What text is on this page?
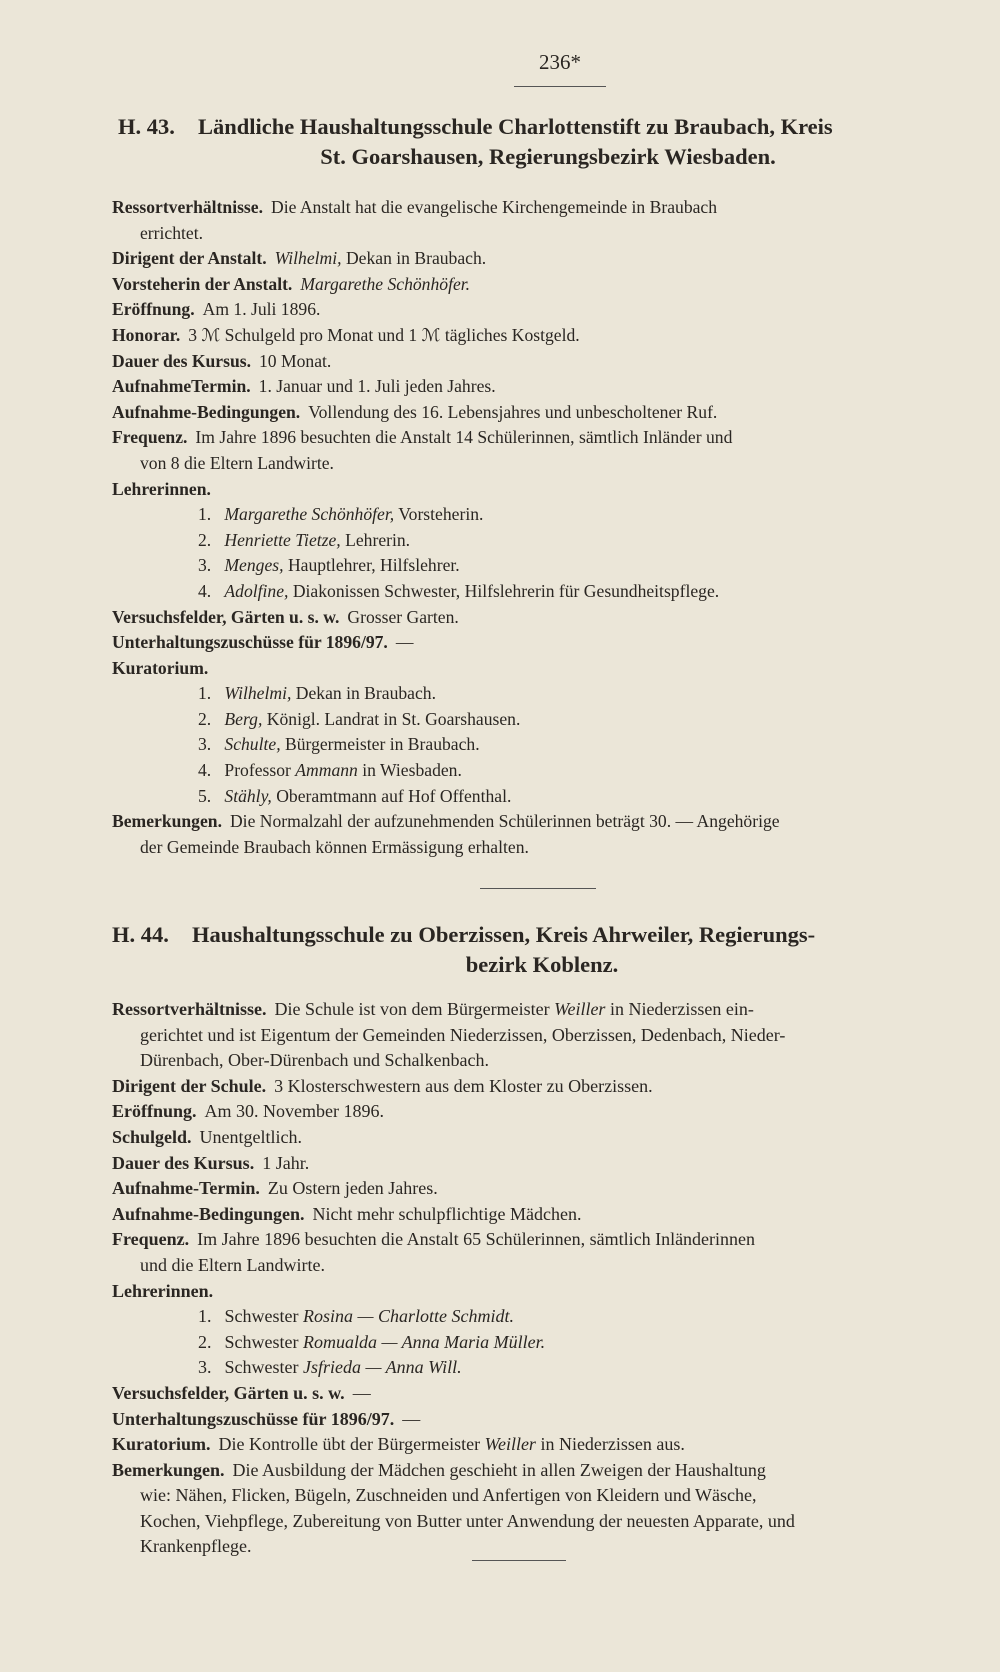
236*
H. 43. Ländliche Haushaltungsschule Charlottenstift zu Braubach, Kreis

St. Goarshausen, Regierungsbezirk Wiesbaden.

Ressortverhältnisse. Die Anstalt hat die evangelische Kirchengemeinde in Braubach
errichtet.

Dirigent der Anstalt. Wilhelmi, Dekan in Braubach.

Vorsteherin der Anstalt. Margarethe Schönhöfer.

Eröffnung. Am 1. Juli 1896.

Honorar. 3 ℳ Schulgeld pro Monat und 1 ℳ tägliches Kostgeld.

Dauer des Kursus. 10 Monat.

AufnahmeTermin. 1. Januar und 1. Juli jeden Jahres.

Aufnahme-Bedingungen. Vollendung des 16. Lebensjahres und unbescholtener Ruf.

Frequenz. Im Jahre 1896 besuchten die Anstalt 14 Schülerinnen, sämtlich Inländer und
von 8 die Eltern Landwirte.

Lehrerinnen.

1. Margarethe Schönhöfer, Vorsteherin.
2. Henriette Tietze, Lehrerin.
3. Menges, Hauptlehrer, Hilfslehrer.
4. Adolfine, Diakonissen Schwester, Hilfslehrerin für Gesundheitspflege.

Versuchsfelder, Gärten u. s. w. Grosser Garten.

Unterhaltungszuschüsse für 1896/97. —

Kuratorium.

1. Wilhelmi, Dekan in Braubach.
2. Berg, Königl. Landrat in St. Goarshausen.
3. Schulte, Bürgermeister in Braubach.
4. Professor Ammann in Wiesbaden.
5. Stähly, Oberamtmann auf Hof Offenthal.

Bemerkungen. Die Normalzahl der aufzunehmenden Schülerinnen beträgt 30. — Angehörige
der Gemeinde Braubach können Ermässigung erhalten.

H. 44. Haushaltungsschule zu Oberzissen, Kreis Ahrweiler, Regierungs-

bezirk Koblenz.

Ressortverhältnisse. Die Schule ist von dem Bürgermeister Weiller in Niederzissen ein-
gerichtet und ist Eigentum der Gemeinden Niederzissen, Oberzissen, Dedenbach, Nieder-
Dürenbach, Ober-Dürenbach und Schalkenbach.

Dirigent der Schule. 3 Klosterschwestern aus dem Kloster zu Oberzissen.

Eröffnung. Am 30. November 1896.

Schulgeld. Unentgeltlich.

Dauer des Kursus. 1 Jahr.

Aufnahme-Termin. Zu Ostern jeden Jahres.

Aufnahme-Bedingungen. Nicht mehr schulpflichtige Mädchen.

Frequenz. Im Jahre 1896 besuchten die Anstalt 65 Schülerinnen, sämtlich Inländerinnen
und die Eltern Landwirte.

Lehrerinnen.

1. Schwester Rosina — Charlotte Schmidt.
2. Schwester Romualda — Anna Maria Müller.
3. Schwester Jsfrieda — Anna Will.

Versuchsfelder, Gärten u. s. w. —

Unterhaltungszuschüsse für 1896/97. —

Kuratorium. Die Kontrolle übt der Bürgermeister Weiller in Niederzissen aus.

Bemerkungen. Die Ausbildung der Mädchen geschieht in allen Zweigen der Haushaltung
wie: Nähen, Flicken, Bügeln, Zuschneiden und Anfertigen von Kleidern und Wäsche,
Kochen, Viehpflege, Zubereitung von Butter unter Anwendung der neuesten Apparate, und
Krankenpflege.
